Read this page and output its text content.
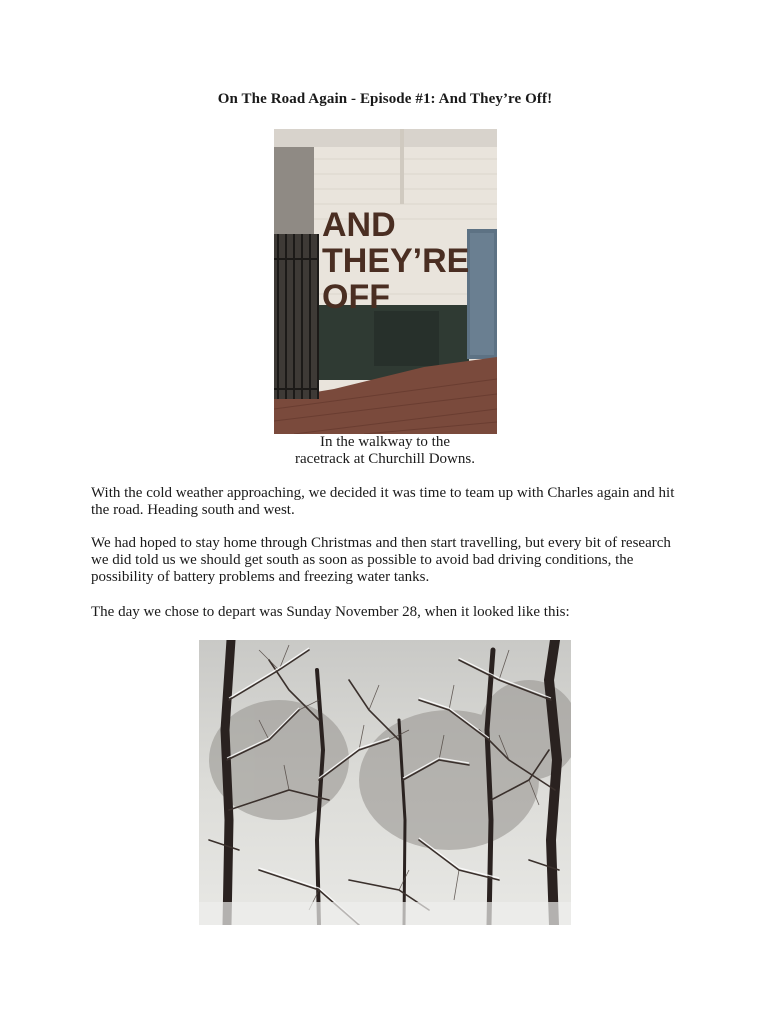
On The Road Again - Episode #1: And They’re Off!
AND
THEY’RE
OFF
In the walkway to the
racetrack at Churchill Downs.

With the cold weather approaching, we decided it was time to team up with Charles again and hit the road. Heading south and west.

We had hoped to stay home through Christmas and then start travelling, but every bit of research we did told us we should get south as soon as possible to avoid bad driving conditions, the possibility of battery problems and freezing water tanks.

The day we chose to depart was Sunday November 28, when it looked like this:
